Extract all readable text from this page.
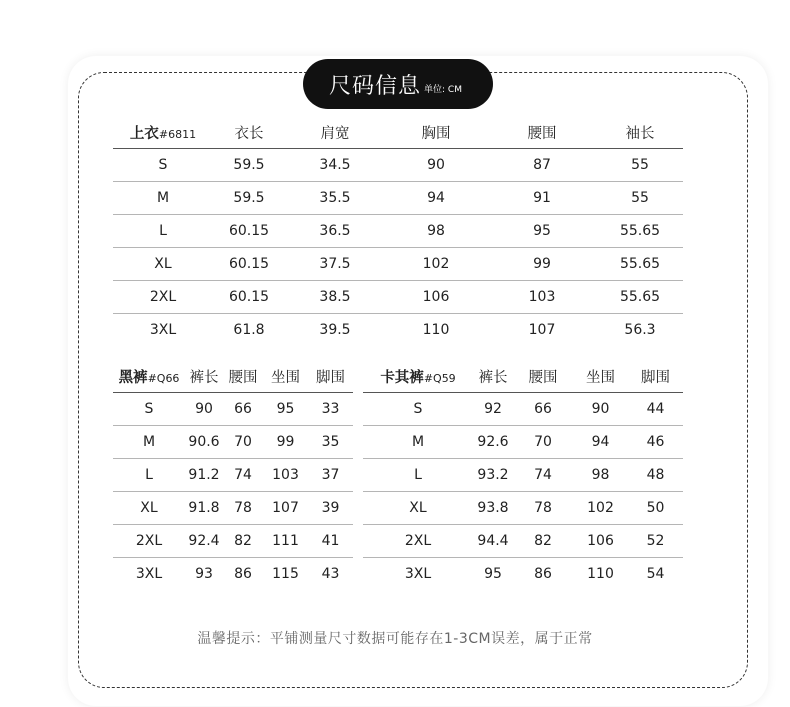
尺码信息 单位: CM
上衣#6811	衣长	肩宽	胸围	腰围	袖长
S	59.5	34.5	90	87	55
M	59.5	35.5	94	91	55
L	60.15	36.5	98	95	55.65
XL	60.15	37.5	102	99	55.65
2XL	60.15	38.5	106	103	55.65
3XL	61.8	39.5	110	107	56.3
黑裤#Q66	裤长	腰围	坐围	脚围
S	90	66	95	33
M	90.6	70	99	35
L	91.2	74	103	37
XL	91.8	78	107	39
2XL	92.4	82	111	41
3XL	93	86	115	43
卡其裤#Q59	裤长	腰围	坐围	脚围
S	92	66	90	44
M	92.6	70	94	46
L	93.2	74	98	48
XL	93.8	78	102	50
2XL	94.4	82	106	52
3XL	95	86	110	54
温馨提示：平铺测量尺寸数据可能存在1-3CM误差，属于正常
